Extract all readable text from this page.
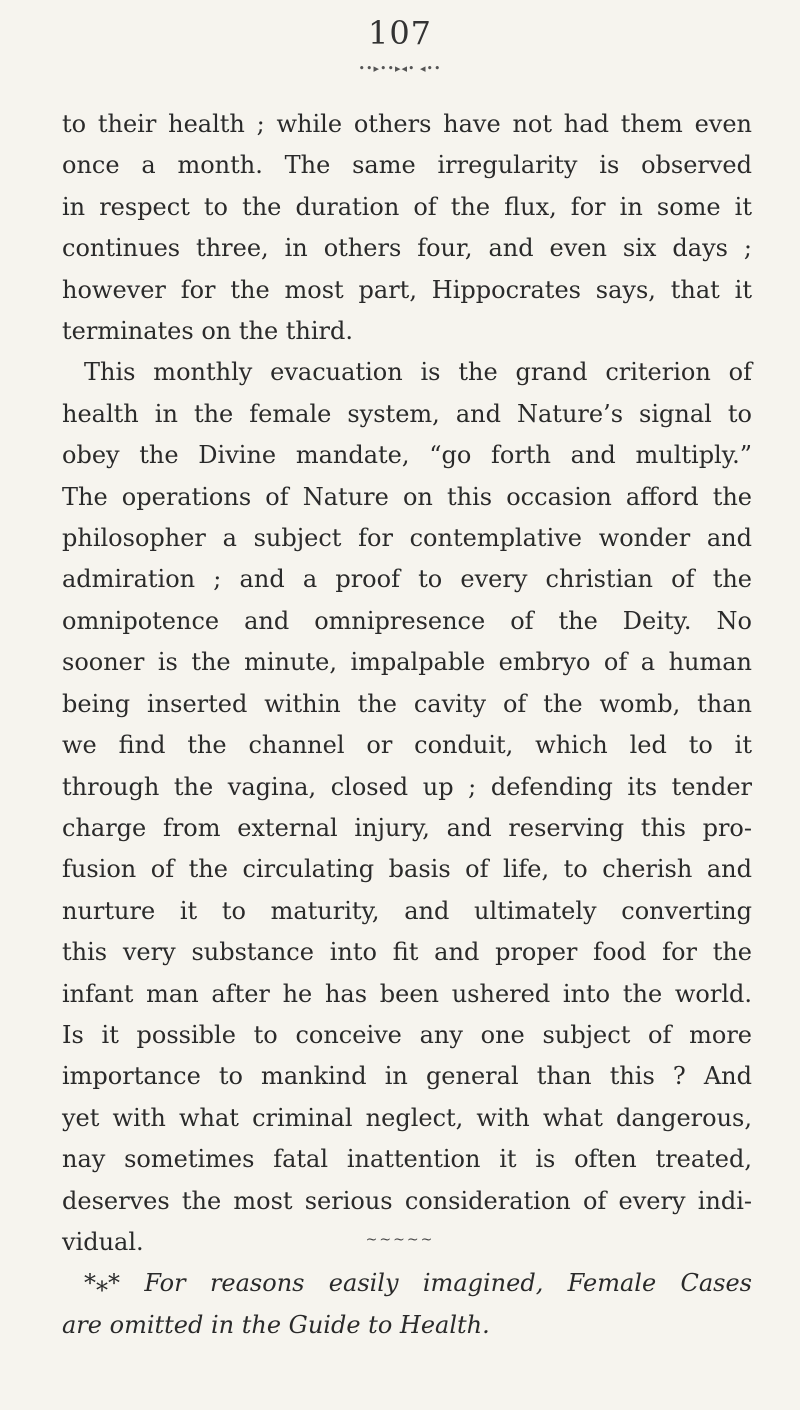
107
••▸••▸◂• ◂••
to their health ; while others have not had them even
once a month. The same irregularity is observed
in respect to the duration of the flux, for in some it
continues three, in others four, and even six days ;
however for the most part, Hippocrates says, that it
terminates on the third.
This monthly evacuation is the grand criterion of
health in the female system, and Nature’s signal to
obey the Divine mandate, “go forth and multiply.”
The operations of Nature on this occasion afford the
philosopher a subject for contemplative wonder and
admiration ; and a proof to every christian of the
omnipotence and omnipresence of the Deity. No
sooner is the minute, impalpable embryo of a human
being inserted within the cavity of the womb, than
we find the channel or conduit, which led to it
through the vagina, closed up ; defending its tender
charge from external injury, and reserving this pro-
fusion of the circulating basis of life, to cherish and
nurture it to maturity, and ultimately converting
this very substance into fit and proper food for the
infant man after he has been ushered into the world.
Is it possible to conceive any one subject of more
importance to mankind in general than this ? And
yet with what criminal neglect, with what dangerous,
nay sometimes fatal inattention it is often treated,
deserves the most serious consideration of every indi-
vidual.
*⁎* For reasons easily imagined, Female Cases
are omitted in the Guide to Health.
~~~~~
